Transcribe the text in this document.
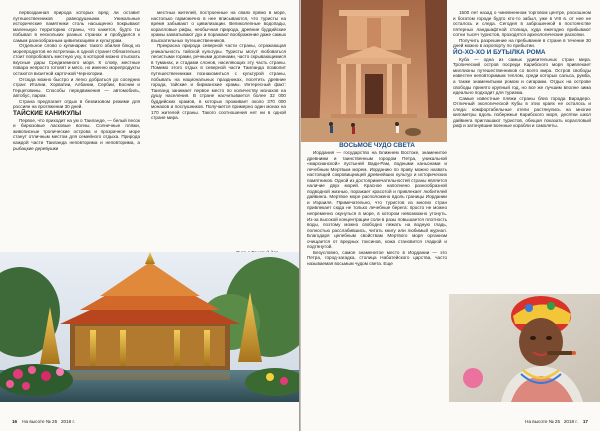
первозданная природа которых вряд ли оставит путешественников равнодушными. Уникальные исторические памятники столь насыщенно покрывают маленькую территорию страны, что кажется, будто ты побывал в нескольких разных странах и пробудился к самым разнообразным цивилизациям и культурам.

Отдельное слово о кулинарии: такого обилия блюд из морепродуктов не встретишь в одной стране! Обязательно стоит попробовать местную уху, в которой можно отыскать вкусные дары Средиземного моря. К слову, местные повара непросто готовят и мясо, но именно морепродукты остаются визитной карточкой Черногории.

Отсюда можно быстро и легко добраться до соседних стран: Италии, Хорватии, Албании, Сербии, Боснии и Герцеговины. Способы передвижения — автомобиль, автобус, паром.

Страна предлагает отдых в безвизовом режиме для россиян на протяжении 30 дней.

ТАЙСКИЕ КАНИКУЛЫ

Первое, что приходит на ум о Таиланде, — белый песок и бирюзовые ласковые волны. Солнечные пляжи, живописные тропические острова и прозрачное море станут отличным местом для семейного отдыха. Природа каждой части Таиланда неповторима и неповторима, а рыбацкие деревушки

местных жителей, построенные на сваях прямо в море, настолько гармонично в нее вписываются, что туристы на время забывают о цивилизации. Великолепные водопады, коралловые рифы, необычная природа, древние буддийские храмы захватывают дух и поражают воображение даже самых взыскательных путешественников.

Прекрасна природа северной части страны, отражающая уникальность тайской культуры. Туристы могут любоваться лесистыми горами, речными долинами, часто скрывающимися в туманах, и стадами слонов, населяющих эту часть страны. Помимо этого отдых в северной части Таиланда позволит путешественникам познакомиться с культурой страны, побывать на национальных праздниках, посетить древние города, тайские и бирманские храмы. Интересный факт: Таиланд занимает первое место по количеству монахов на душу населения. В стране насчитывается более 32 000 буддийских храмов, в которых проживает около 370 000 монахов и послушников. Получается примерно один монах на 170 жителей страны. Такого соотношения нет ни в одной стране мира.

16 На высоте № 25 2018 г.

ВОСЬМОЕ ЧУДО СВЕТА

Иордания — государство на Ближнем Востоке, знаменитое древними и таинственным городом Петра, уникальной «марсианской» пустыней Вади-Рам, водными каньонами и лечебным Мертвым морем. Иорданию по праву можно назвать настоящей сокровищницей древнейших культур и исторических памятников. Одной из достопримечательностей страны является наличие двух морей. Красное наполнено разнообразной подводной жизнью, поражает красотой и привлекает любителей дайвинга. Мертвое море расположено вдоль границы Иордании и Израиля. Примечательно, что туристов из многих стран привлекает сюда не только лечебные берега: просто не можно непременно окунуться в море, в котором невозможно утонуть. Из-за высокой концентрации соли в разы повышается плотность воды, поэтому можно свободно лежать на водную гладь, полностью расслабившись, читать книгу или любимый журнал. Благодаря целебным свойствам Мертвого моря организм очищается от вредных токсинов, кожа становится гладкой и подтянутой.

Безусловно, самое знаменитое место в Иордании — это Петра, город-загадка, столица Набатейского царства, часто называемая восьмым чудом света. Еще

1500 лет назад о чиневненном торговом центре, роскошном и богатом городе будто кто-то забыл, уже в VIII в. от нее не осталось и следа. Сегодня в заброшенной в постоянстве пятерных ландшафтной столица, куда ежегодно прибывают сотни тысяч туристов, проходятся археологические раскопки.

Получить разрешение на пребывание в стране в течение 30 дней можно в аэропорту по прибытии.

ЙО-ХО-ХО И БУТЫЛКА РОМА

Куба — одна из самых удивительных стран мира. Тропический остров посреди Карибского моря привлекает миллионы путешественников со всего мира. Остров свободы известен неповторимым теплом, среди которых сальса, румба, а также знаменитыми ромом и сигарами. Отдых на острове свободы принято крупный год, но все же лучшим вполне зима идеально подходит для туризма.

Самые известные пляжи страны близ города Варадеро. Отличный экологической Кубы в этих краях не осталось и следа: комфортабельные отели растянулись на многие километры вдоль побережья Карибского моря, десятки школ дайвинга приглашают туристов, обещая показать коралловый риф и затонувшие военные корабли и самолеты.

На высоте № 25 2018 г. 17
